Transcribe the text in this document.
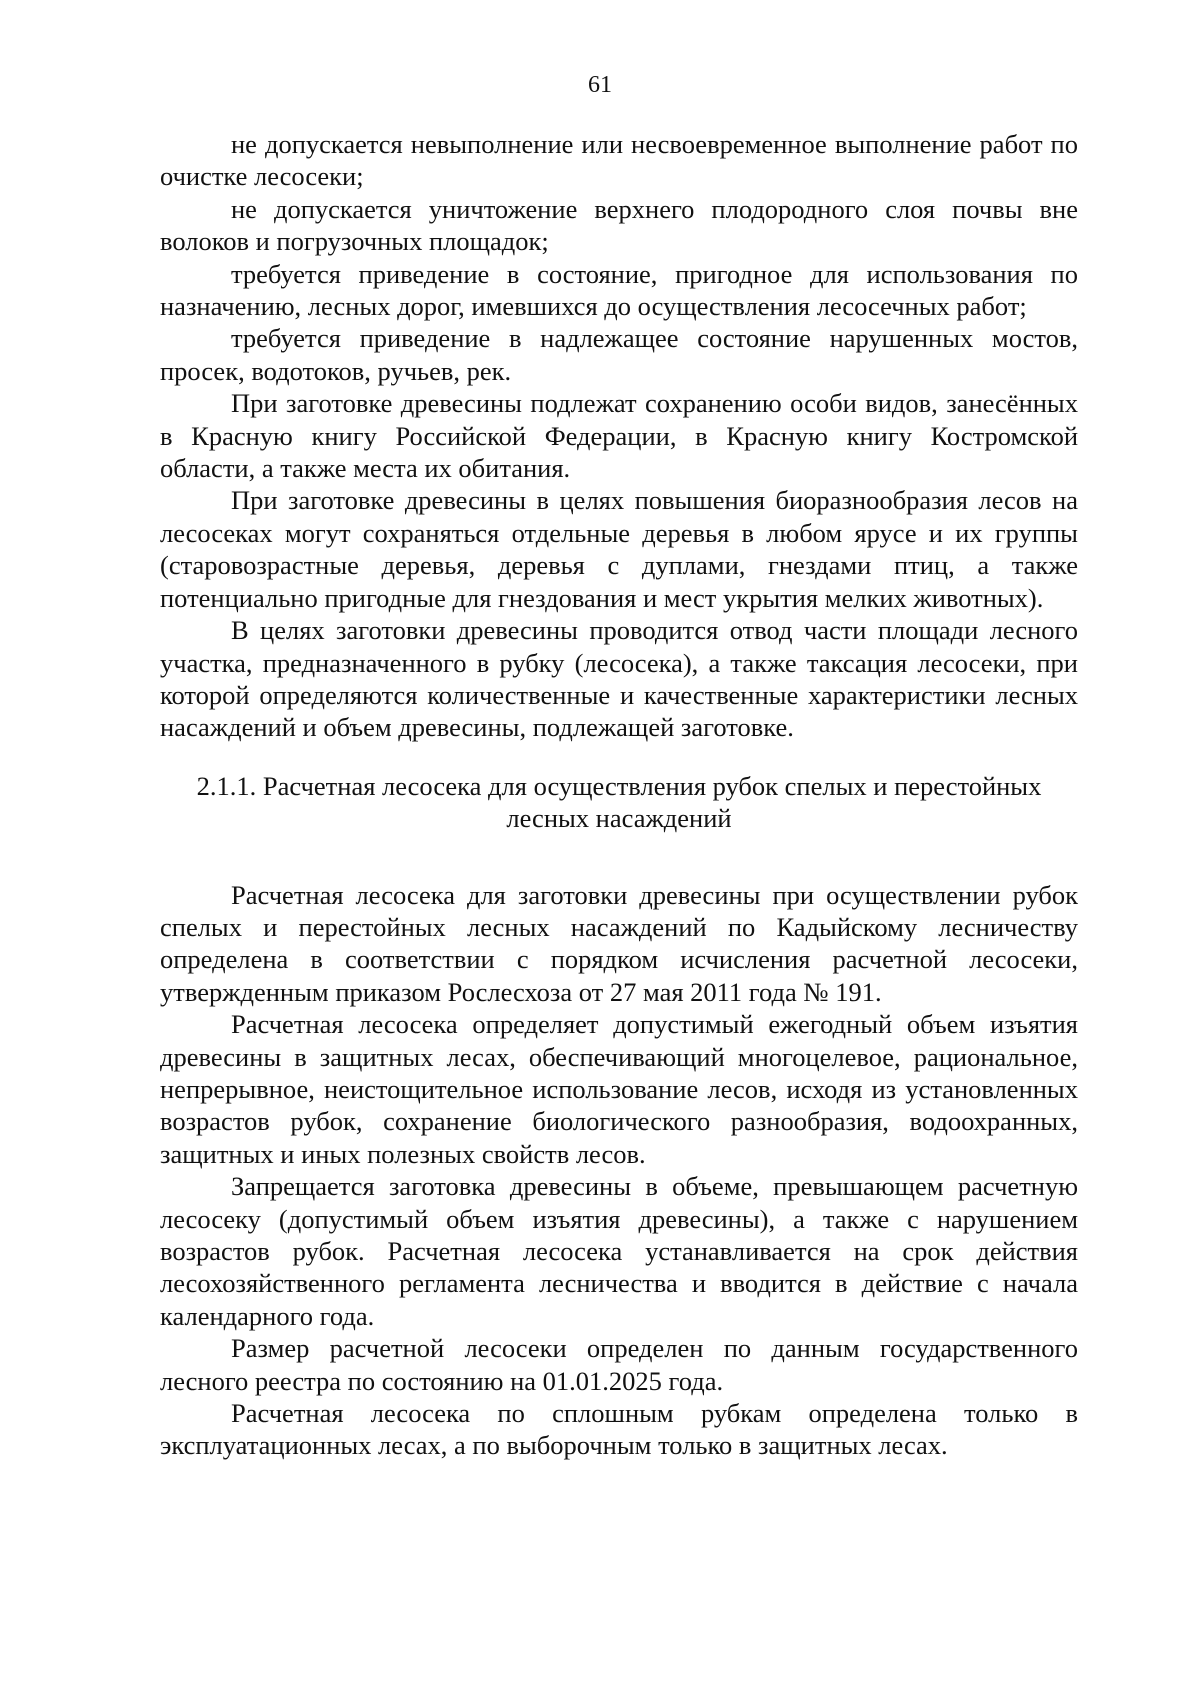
61

не допускается невыполнение или несвоевременное выполнение работ по очистке лесосеки;

не допускается уничтожение верхнего плодородного слоя почвы вне волоков и погрузочных площадок;

требуется приведение в состояние, пригодное для использования по назначению, лесных дорог, имевшихся до осуществления лесосечных работ;

требуется приведение в надлежащее состояние нарушенных мостов, просек, водотоков, ручьев, рек.

При заготовке древесины подлежат сохранению особи видов, занесённых в Красную книгу Российской Федерации, в Красную книгу Костромской области, а также места их обитания.

При заготовке древесины в целях повышения биоразнообразия лесов на лесосеках могут сохраняться отдельные деревья в любом ярусе и их группы (старовозрастные деревья, деревья с дуплами, гнездами птиц, а также потенциально пригодные для гнездования и мест укрытия мелких животных).

В целях заготовки древесины проводится отвод части площади лесного участка, предназначенного в рубку (лесосека), а также таксация лесосеки, при которой определяются количественные и качественные характеристики лесных насаждений и объем древесины, подлежащей заготовке.

2.1.1. Расчетная лесосека для осуществления рубок спелых и перестойных
лесных насаждений

Расчетная лесосека для заготовки древесины при осуществлении рубок спелых и перестойных лесных насаждений по Кадыйскому лесничеству определена в соответствии с порядком исчисления расчетной лесосеки, утвержденным приказом Рослесхоза от 27 мая 2011 года № 191.

Расчетная лесосека определяет допустимый ежегодный объем изъятия древесины в защитных лесах, обеспечивающий многоцелевое, рациональное, непрерывное, неистощительное использование лесов, исходя из установленных возрастов рубок, сохранение биологического разнообразия, водоохранных, защитных и иных полезных свойств лесов.

Запрещается заготовка древесины в объеме, превышающем расчетную лесосеку (допустимый объем изъятия древесины), а также с нарушением возрастов рубок. Расчетная лесосека устанавливается на срок действия лесохозяйственного регламента лесничества и вводится в действие с начала календарного года.

Размер расчетной лесосеки определен по данным государственного лесного реестра по состоянию на 01.01.2025 года.

Расчетная лесосека по сплошным рубкам определена только в эксплуатационных лесах, а по выборочным только в защитных лесах.
